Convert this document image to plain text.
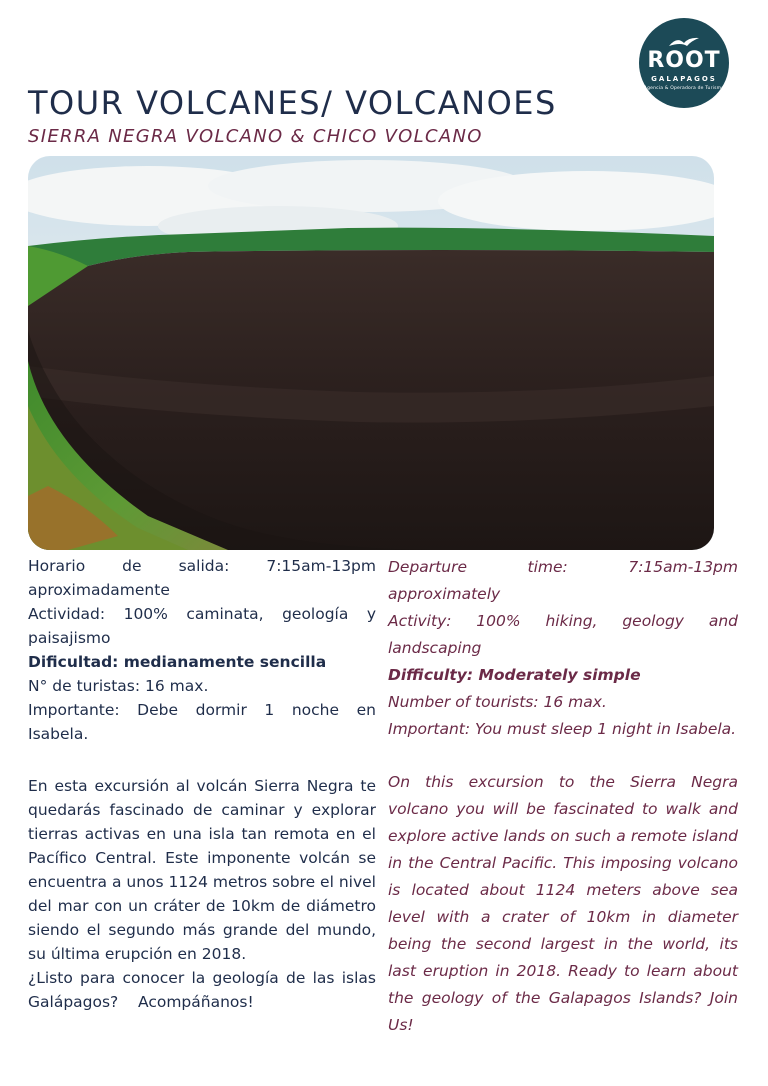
ROOT
GALAPAGOS
Agencia & Operadora de Turismo
TOUR VOLCANES/ VOLCANOES
SIERRA NEGRA VOLCANO & CHICO VOLCANO

Horario de salida: 7:15am-13pm aproximadamente

Actividad: 100% caminata, geología y paisajismo

Dificultad: medianamente sencilla

N° de turistas: 16 max.

Importante: Debe dormir 1 noche en Isabela.

En esta excursión al volcán Sierra Negra te quedarás fascinado de caminar y explorar tierras activas en una isla tan remota en el Pacífico Central. Este imponente volcán se encuentra a unos 1124 metros sobre el nivel del mar con un cráter de 10km de diámetro siendo el segundo más grande del mundo, su última erupción en 2018.

¿Listo para conocer la geología de las islas Galápagos?    Acompáñanos!

Departure time: 7:15am-13pm approximately

Activity: 100% hiking, geology and landscaping

Difficulty: Moderately simple

Number of tourists: 16 max.

Important: You must sleep 1 night in Isabela.

On this excursion to the Sierra Negra volcano you will be fascinated to walk and explore active lands on such a remote island in the Central Pacific. This imposing volcano is located about 1124 meters above sea level with a crater of 10km in diameter being the second largest in the world, its last eruption in 2018. Ready to learn about the geology of the Galapagos Islands? Join Us!
